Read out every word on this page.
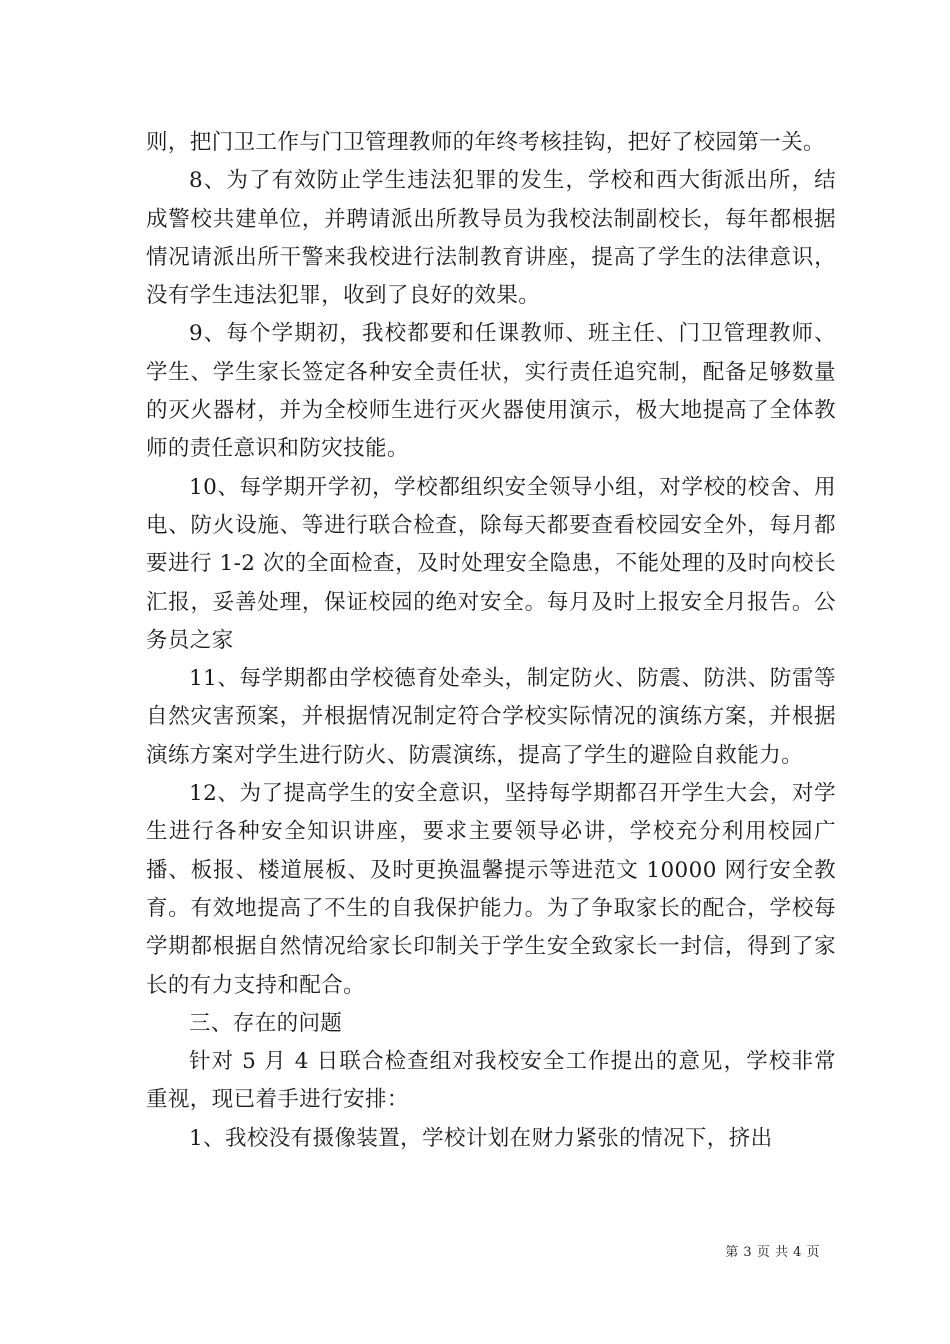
则，把门卫工作与门卫管理教师的年终考核挂钩，把好了校园第一关。

8、为了有效防止学生违法犯罪的发生，学校和西大街派出所，结成警校共建单位，并聘请派出所教导员为我校法制副校长，每年都根据情况请派出所干警来我校进行法制教育讲座，提高了学生的法律意识，没有学生违法犯罪，收到了良好的效果。

9、每个学期初，我校都要和任课教师、班主任、门卫管理教师、学生、学生家长签定各种安全责任状，实行责任追究制，配备足够数量的灭火器材，并为全校师生进行灭火器使用演示，极大地提高了全体教师的责任意识和防灾技能。

10、每学期开学初，学校都组织安全领导小组，对学校的校舍、用电、防火设施、等进行联合检查，除每天都要查看校园安全外，每月都要进行 1-2 次的全面检查，及时处理安全隐患，不能处理的及时向校长汇报，妥善处理，保证校园的绝对安全。每月及时上报安全月报告。公务员之家

11、每学期都由学校德育处牵头，制定防火、防震、防洪、防雷等自然灾害预案，并根据情况制定符合学校实际情况的演练方案，并根据演练方案对学生进行防火、防震演练，提高了学生的避险自救能力。

12、为了提高学生的安全意识，坚持每学期都召开学生大会，对学生进行各种安全知识讲座，要求主要领导必讲，学校充分利用校园广播、板报、楼道展板、及时更换温馨提示等进范文 10000 网行安全教育。有效地提高了不生的自我保护能力。为了争取家长的配合，学校每学期都根据自然情况给家长印制关于学生安全致家长一封信，得到了家长的有力支持和配合。

三、存在的问题

针对 5 月 4 日联合检查组对我校安全工作提出的意见，学校非常重视，现已着手进行安排：

1、我校没有摄像装置，学校计划在财力紧张的情况下，挤出

第 3 页 共 4 页
